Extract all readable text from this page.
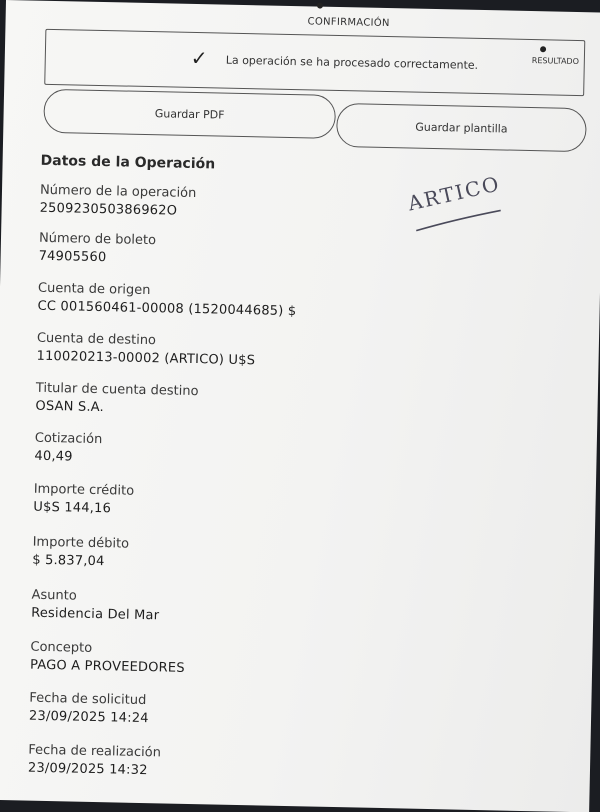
CONFIRMACIÓN
RESULTADO
✓ La operación se ha procesado correctamente.
Guardar PDF
Guardar plantilla
Datos de la Operación
ARTICO
Número de la operación
250923050386962O
Número de boleto
74905560
Cuenta de origen
CC 001560461-00008 (1520044685) $
Cuenta de destino
110020213-00002 (ARTICO) U$S
Titular de cuenta destino
OSAN S.A.
Cotización
40,49
Importe crédito
U$S 144,16
Importe débito
$ 5.837,04
Asunto
Residencia Del Mar
Concepto
PAGO A PROVEEDORES
Fecha de solicitud
23/09/2025 14:24
Fecha de realización
23/09/2025 14:32
